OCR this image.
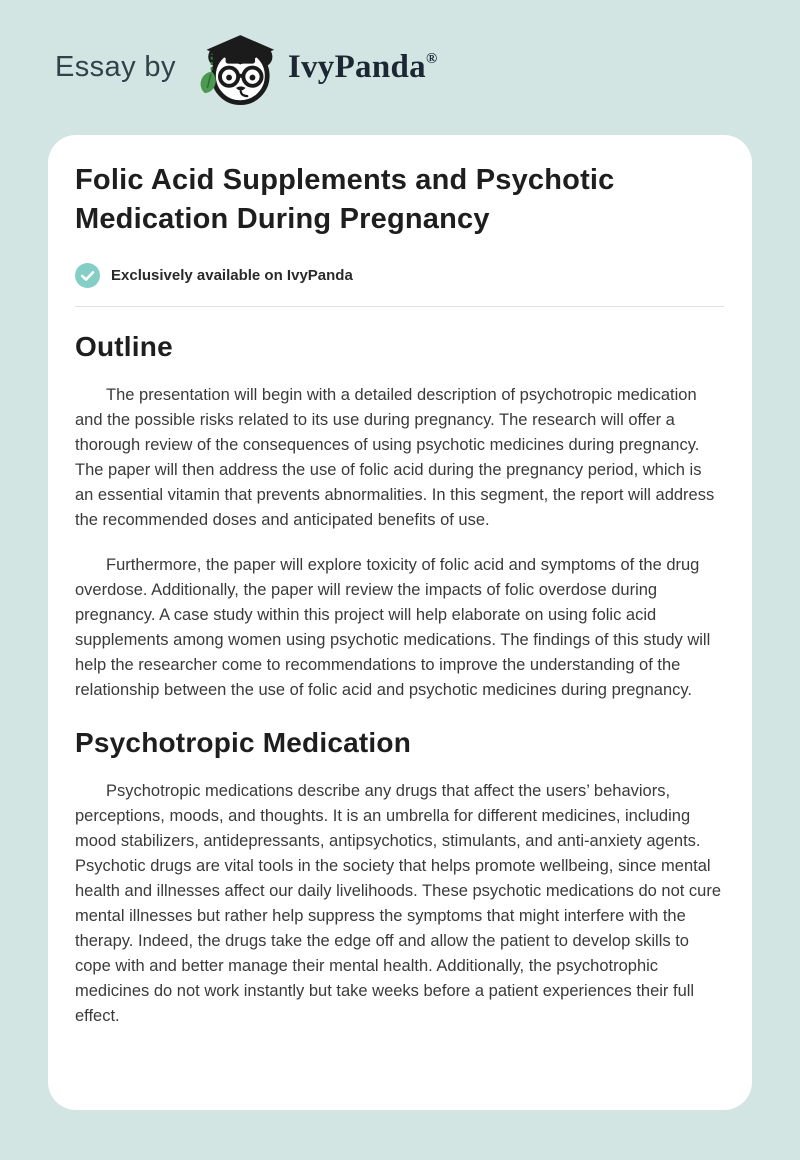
Essay by	IvyPanda®
Folic Acid Supplements and Psychotic Medication During Pregnancy
Exclusively available on IvyPanda
Outline

The presentation will begin with a detailed description of psychotropic medication and the possible risks related to its use during pregnancy. The research will offer a thorough review of the consequences of using psychotic medicines during pregnancy. The paper will then address the use of folic acid during the pregnancy period, which is an essential vitamin that prevents abnormalities. In this segment, the report will address the recommended doses and anticipated benefits of use.

Furthermore, the paper will explore toxicity of folic acid and symptoms of the drug overdose. Additionally, the paper will review the impacts of folic overdose during pregnancy. A case study within this project will help elaborate on using folic acid supplements among women using psychotic medications. The findings of this study will help the researcher come to recommendations to improve the understanding of the relationship between the use of folic acid and psychotic medicines during pregnancy.

Psychotropic Medication

Psychotropic medications describe any drugs that affect the users’ behaviors, perceptions, moods, and thoughts. It is an umbrella for different medicines, including mood stabilizers, antidepressants, antipsychotics, stimulants, and anti-anxiety agents. Psychotic drugs are vital tools in the society that helps promote wellbeing, since mental health and illnesses affect our daily livelihoods. These psychotic medications do not cure mental illnesses but rather help suppress the symptoms that might interfere with the therapy. Indeed, the drugs take the edge off and allow the patient to develop skills to cope with and better manage their mental health. Additionally, the psychotrophic medicines do not work instantly but take weeks before a patient experiences their full effect.
